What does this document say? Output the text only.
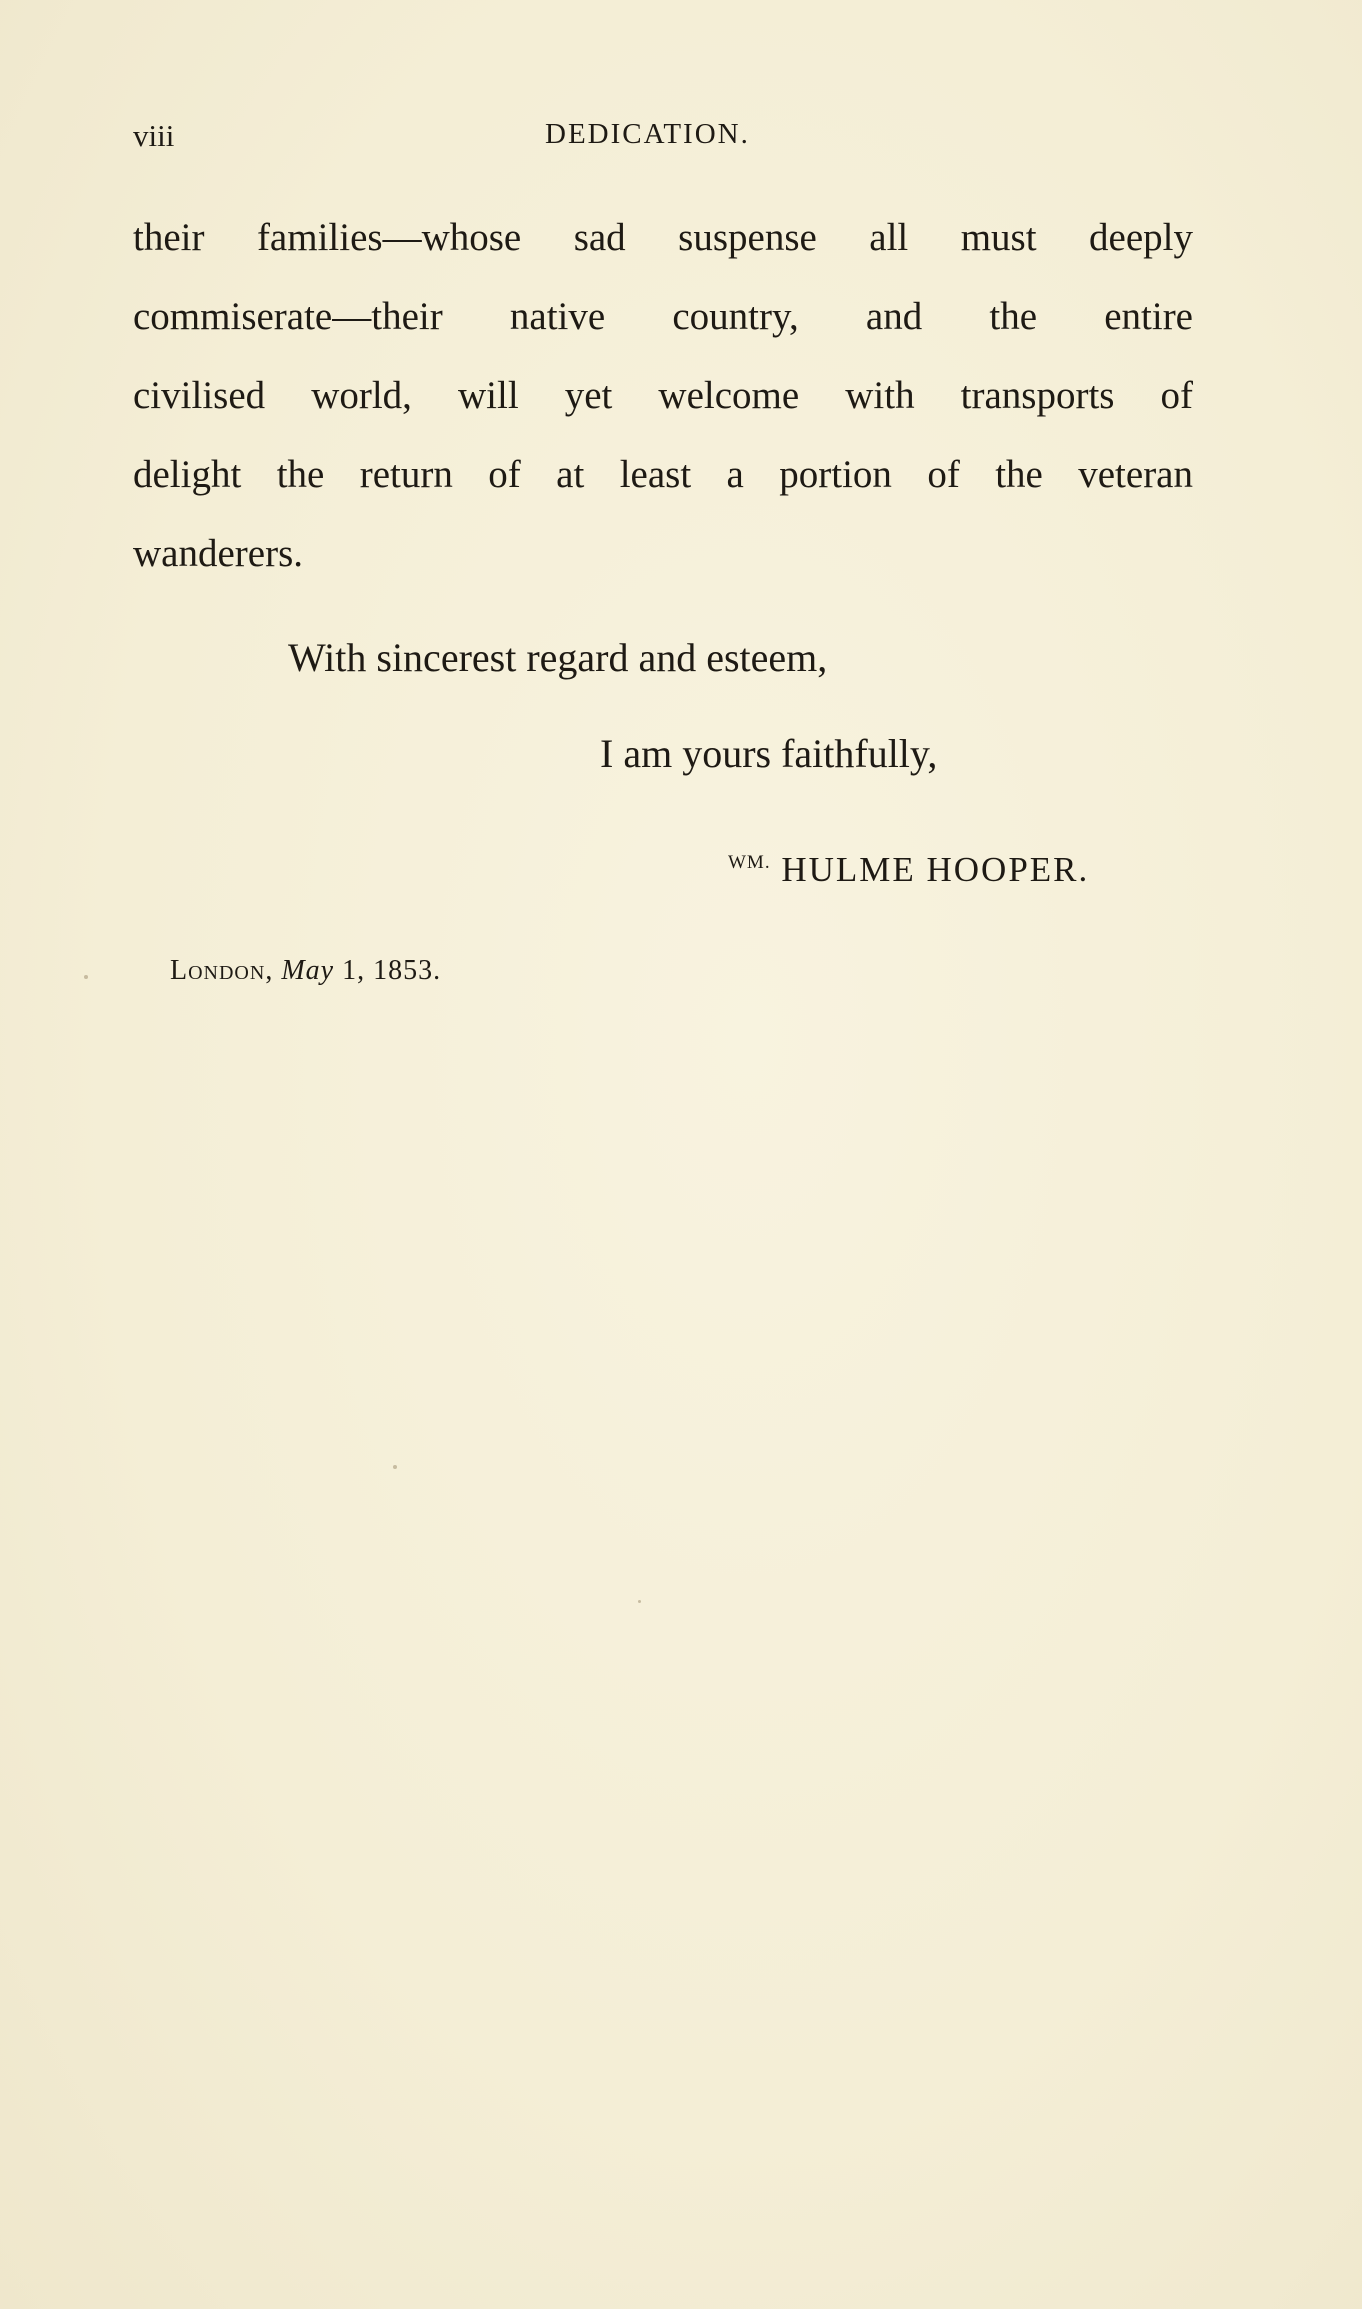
viii	DEDICATION.
their families—whose sad suspense all must deeply
commiserate—their native country, and the entire
civilised world, will yet welcome with transports of
delight the return of at least a portion of the veteran
wanderers.
With sincerest regard and esteem,
I am yours faithfully,
$^{WM.}$ HULME HOOPER.
London, May 1, 1853.
